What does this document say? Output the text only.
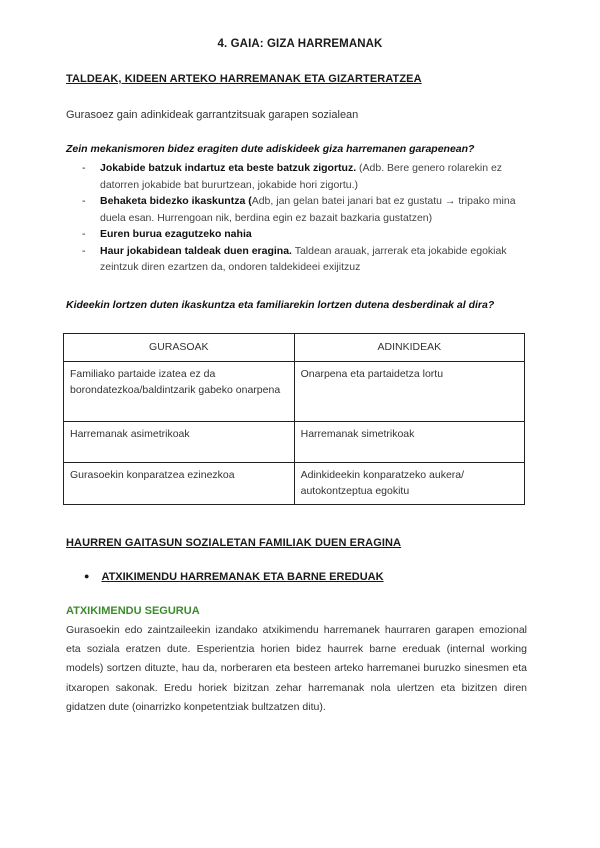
4. GAIA: GIZA HARREMANAK
TALDEAK, KIDEEN ARTEKO HARREMANAK ETA GIZARTERATZEA
Gurasoez gain adinkideak garrantzitsuak garapen sozialean
Zein mekanismoren bidez eragiten dute adiskideek giza harremanen garapenean?
- Jokabide batzuk indartuz eta beste batzuk zigortuz. (Adb. Bere genero rolarekin ez datorren jokabide bat bururtzean, jokabide hori zigortu.)
- Behaketa bidezko ikaskuntza (Adb, jan gelan batei janari bat ez gustatu → tripako mina duela esan. Hurrengoan nik, berdina egin ez bazait bazkaria gustatzen)
- Euren burua ezagutzeko nahia
- Haur jokabidean taldeak duen eragina. Taldean arauak, jarrerak eta jokabide egokiak zeintzuk diren ezartzen da, ondoren taldekideei exijitzuz
Kideekin lortzen duten ikaskuntza eta familiarekin lortzen dutena desberdinak al dira?
GURASOAK	ADINKIDEAK
Familiako partaide izatea ez da borondatezkoa/baldintzarik gabeko onarpena	Onarpena eta partaidetza lortu
Harremanak asimetrikoak	Harremanak simetrikoak
Gurasoekin konparatzea ezinezkoa	Adinkideekin konparatzeko aukera/ autokontzeptua egokitu
HAURREN GAITASUN SOZIALETAN FAMILIAK DUEN ERAGINA
● ATXIKIMENDU HARREMANAK ETA BARNE EREDUAK
ATXIKIMENDU SEGURUA
Gurasoekin edo zaintzaileekin izandako atxikimendu harremanek haurraren garapen emozional eta soziala eratzen dute. Esperientzia horien bidez haurrek barne ereduak (internal working models) sortzen dituzte, hau da, norberaren eta besteen arteko harremanei buruzko sinesmen eta itxaropen sakonak. Eredu horiek bizitzan zehar harremanak nola ulertzen eta bizitzen diren gidatzen dute (oinarrizko konpetentziak bultzatzen ditu).
